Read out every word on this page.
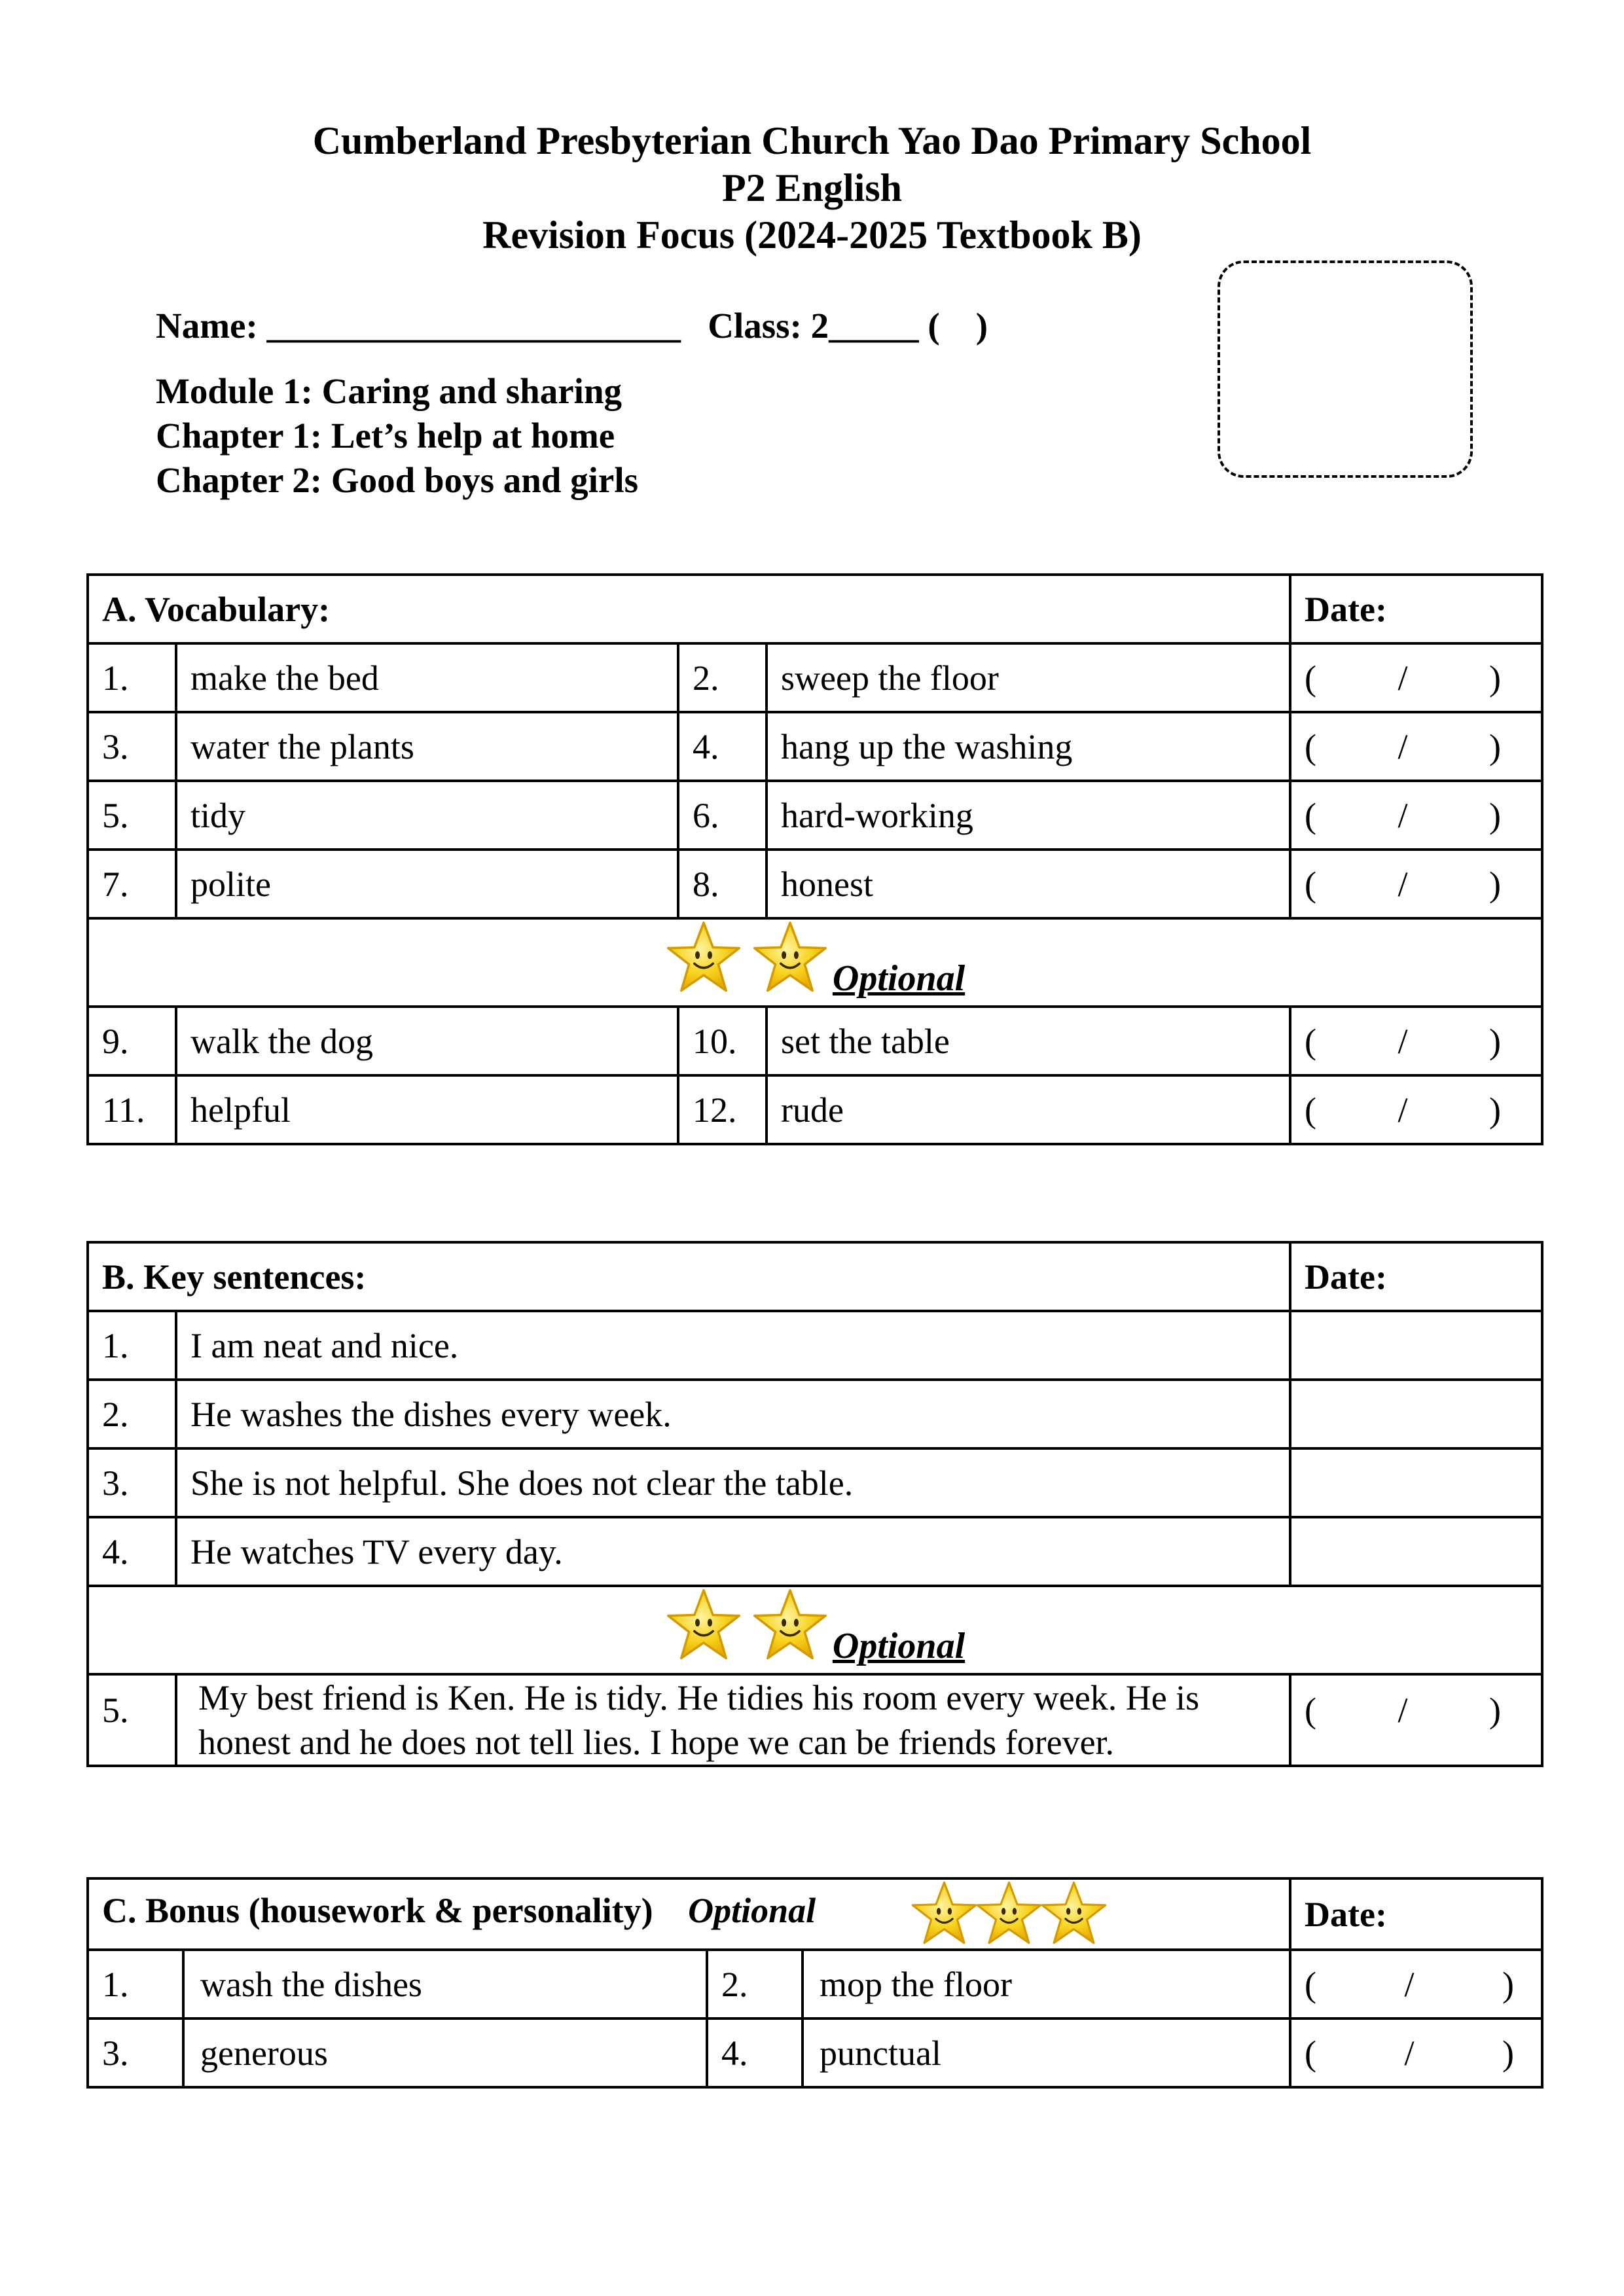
Cumberland Presbyterian Church Yao Dao Primary School
P2 English
Revision Focus (2024-2025 Textbook B)
Name: _______________________   Class: 2_____ (    )
Module 1: Caring and sharing
Chapter 1: Let’s help at home
Chapter 2: Good boys and girls
A. Vocabulary:				Date:
1.	make the bed	2.	sweep the floor	( / )

3.	water the plants	4.	hang up the washing	( / )

5.	tidy	6.	hard-working	( / )

7.	polite	8.	honest	( / )

Optional				

9.	walk the dog	10.	set the table	( / )

11.	helpful	12.	rude	( / )
B. Key sentences:		Date:
1.	I am neat and nice.	
2.	He washes the dishes every week.	
3.	She is not helpful. She does not clear the table.	
4.	He watches TV every day.	

Optional		

5.	My best friend is Ken. He is tidy. He tidies his room every week. He is honest and he does not tell lies. I hope we can be friends forever.	( / )
C. Bonus (housework & personality) Optional				Date:
1.	wash the dishes	2.	mop the floor	( / )

3.	generous	4.	punctual	( / )
